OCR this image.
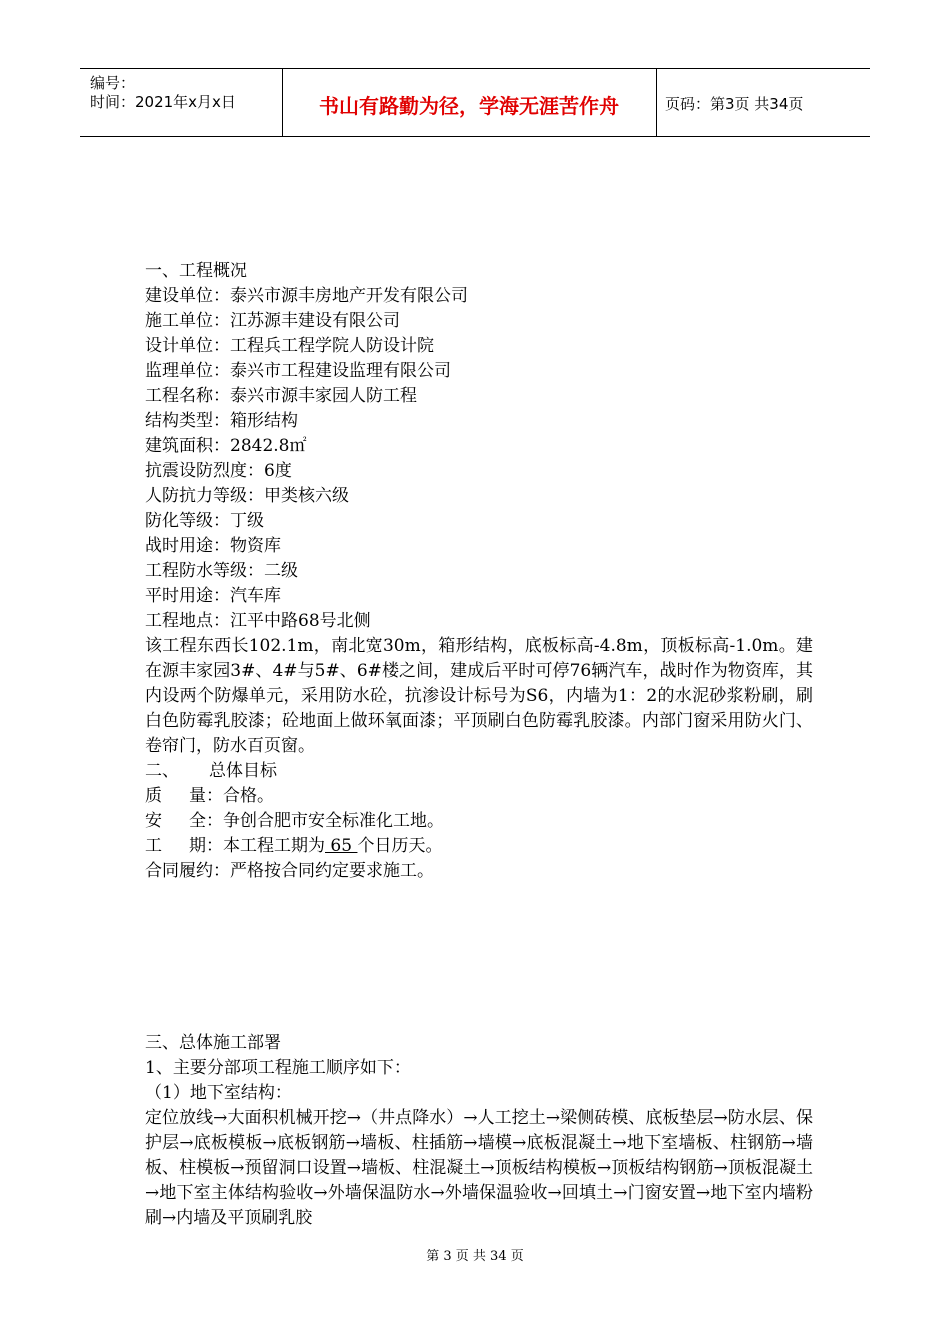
编号：
时间：2021年x月x日	书山有路勤为径，学海无涯苦作舟	页码：第3页 共34页
一、工程概况
建设单位：泰兴市源丰房地产开发有限公司
施工单位：江苏源丰建设有限公司
设计单位：工程兵工程学院人防设计院
监理单位：泰兴市工程建设监理有限公司
工程名称：泰兴市源丰家园人防工程
结构类型：箱形结构
建筑面积：2842.8㎡
抗震设防烈度：6度
人防抗力等级：甲类核六级
防化等级：丁级
战时用途：物资库
工程防水等级：二级
平时用途：汽车库
工程地点：江平中路68号北侧
该工程东西长102.1m，南北宽30m，箱形结构，底板标高-4.8m，顶板标高-1.0m。建在源丰家园3#、4#与5#、6#楼之间，建成后平时可停76辆汽车，战时作为物资库，其内设两个防爆单元，采用防水砼，抗渗设计标号为S6，内墙为1：2的水泥砂浆粉刷，刷白色防霉乳胶漆；砼地面上做环氧面漆；平顶刷白色防霉乳胶漆。内部门窗采用防火门、卷帘门，防水百页窗。
二、 总体目标
质 量：合格。
安 全：争创合肥市安全标准化工地。
工 期：本工程工期为 65 个日历天。
合同履约：严格按合同约定要求施工。
三、总体施工部署
1、主要分部项工程施工顺序如下：
（1）地下室结构：
定位放线→大面积机械开挖→（井点降水）→人工挖土→梁侧砖模、底板垫层→防水层、保护层→底板模板→底板钢筋→墙板、柱插筋→墙模→底板混凝土→地下室墙板、柱钢筋→墙板、柱模板→预留洞口设置→墙板、柱混凝土→顶板结构模板→顶板结构钢筋→顶板混凝土→地下室主体结构验收→外墙保温防水→外墙保温验收→回填土→门窗安置→地下室内墙粉刷→内墙及平顶刷乳胶
第 3 页 共 34 页
